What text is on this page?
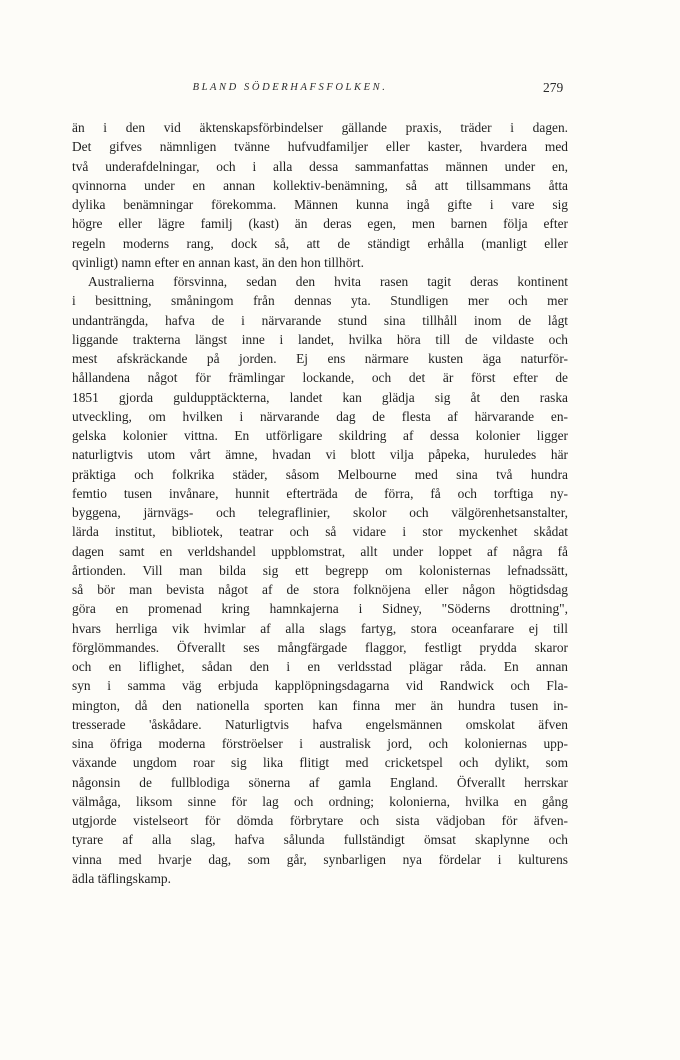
BLAND SÖDERHAFSFOLKEN.	279
än i den vid äktenskapsförbindelser gällande praxis, träder i dagen.
Det gifves nämnligen tvänne hufvudfamiljer eller kaster, hvardera med
två underafdelningar, och i alla dessa sammanfattas männen under en,
qvinnorna under en annan kollektiv-benämning, så att tillsammans åtta
dylika benämningar förekomma. Männen kunna ingå gifte i vare sig
högre eller lägre familj (kast) än deras egen, men barnen följa efter
regeln moderns rang, dock så, att de ständigt erhålla (manligt eller
qvinligt) namn efter en annan kast, än den hon tillhört.
Australierna försvinna, sedan den hvita rasen tagit deras kontinent
i besittning, småningom från dennas yta. Stundligen mer och mer
undanträngda, hafva de i närvarande stund sina tillhåll inom de lågt
liggande trakterna längst inne i landet, hvilka höra till de vildaste och
mest afskräckande på jorden. Ej ens närmare kusten äga naturför-
hållandena något för främlingar lockande, och det är först efter de
1851 gjorda guldupptäckterna, landet kan glädja sig åt den raska
utveckling, om hvilken i närvarande dag de flesta af härvarande en-
gelska kolonier vittna. En utförligare skildring af dessa kolonier ligger
naturligtvis utom vårt ämne, hvadan vi blott vilja påpeka, huruledes här
präktiga och folkrika städer, såsom Melbourne med sina två hundra
femtio tusen invånare, hunnit efterträda de förra, få och torftiga ny-
byggena, järnvägs- och telegraflinier, skolor och välgörenhetsanstalter,
lärda institut, bibliotek, teatrar och så vidare i stor myckenhet skådat
dagen samt en verldshandel uppblomstrat, allt under loppet af några få
årtionden. Vill man bilda sig ett begrepp om kolonisternas lefnadssätt,
så bör man bevista något af de stora folknöjena eller någon högtidsdag
göra en promenad kring hamnkajerna i Sidney, "Söderns drottning",
hvars herrliga vik hvimlar af alla slags fartyg, stora oceanfarare ej till
förglömmandes. Öfverallt ses mångfärgade flaggor, festligt prydda skaror
och en liflighet, sådan den i en verldsstad plägar råda. En annan
syn i samma väg erbjuda kapplöpningsdagarna vid Randwick och Fla-
mington, då den nationella sporten kan finna mer än hundra tusen in-
tresserade 'åskådare. Naturligtvis hafva engelsmännen omskolat äfven
sina öfriga moderna förströelser i australisk jord, och koloniernas upp-
växande ungdom roar sig lika flitigt med cricketspel och dylikt, som
någonsin de fullblodiga sönerna af gamla England. Öfverallt herrskar
välmåga, liksom sinne för lag och ordning; kolonierna, hvilka en gång
utgjorde vistelseort för dömda förbrytare och sista vädjoban för äfven-
tyrare af alla slag, hafva sålunda fullständigt ömsat skaplynne och
vinna med hvarje dag, som går, synbarligen nya fördelar i kulturens
ädla täflingskamp.
